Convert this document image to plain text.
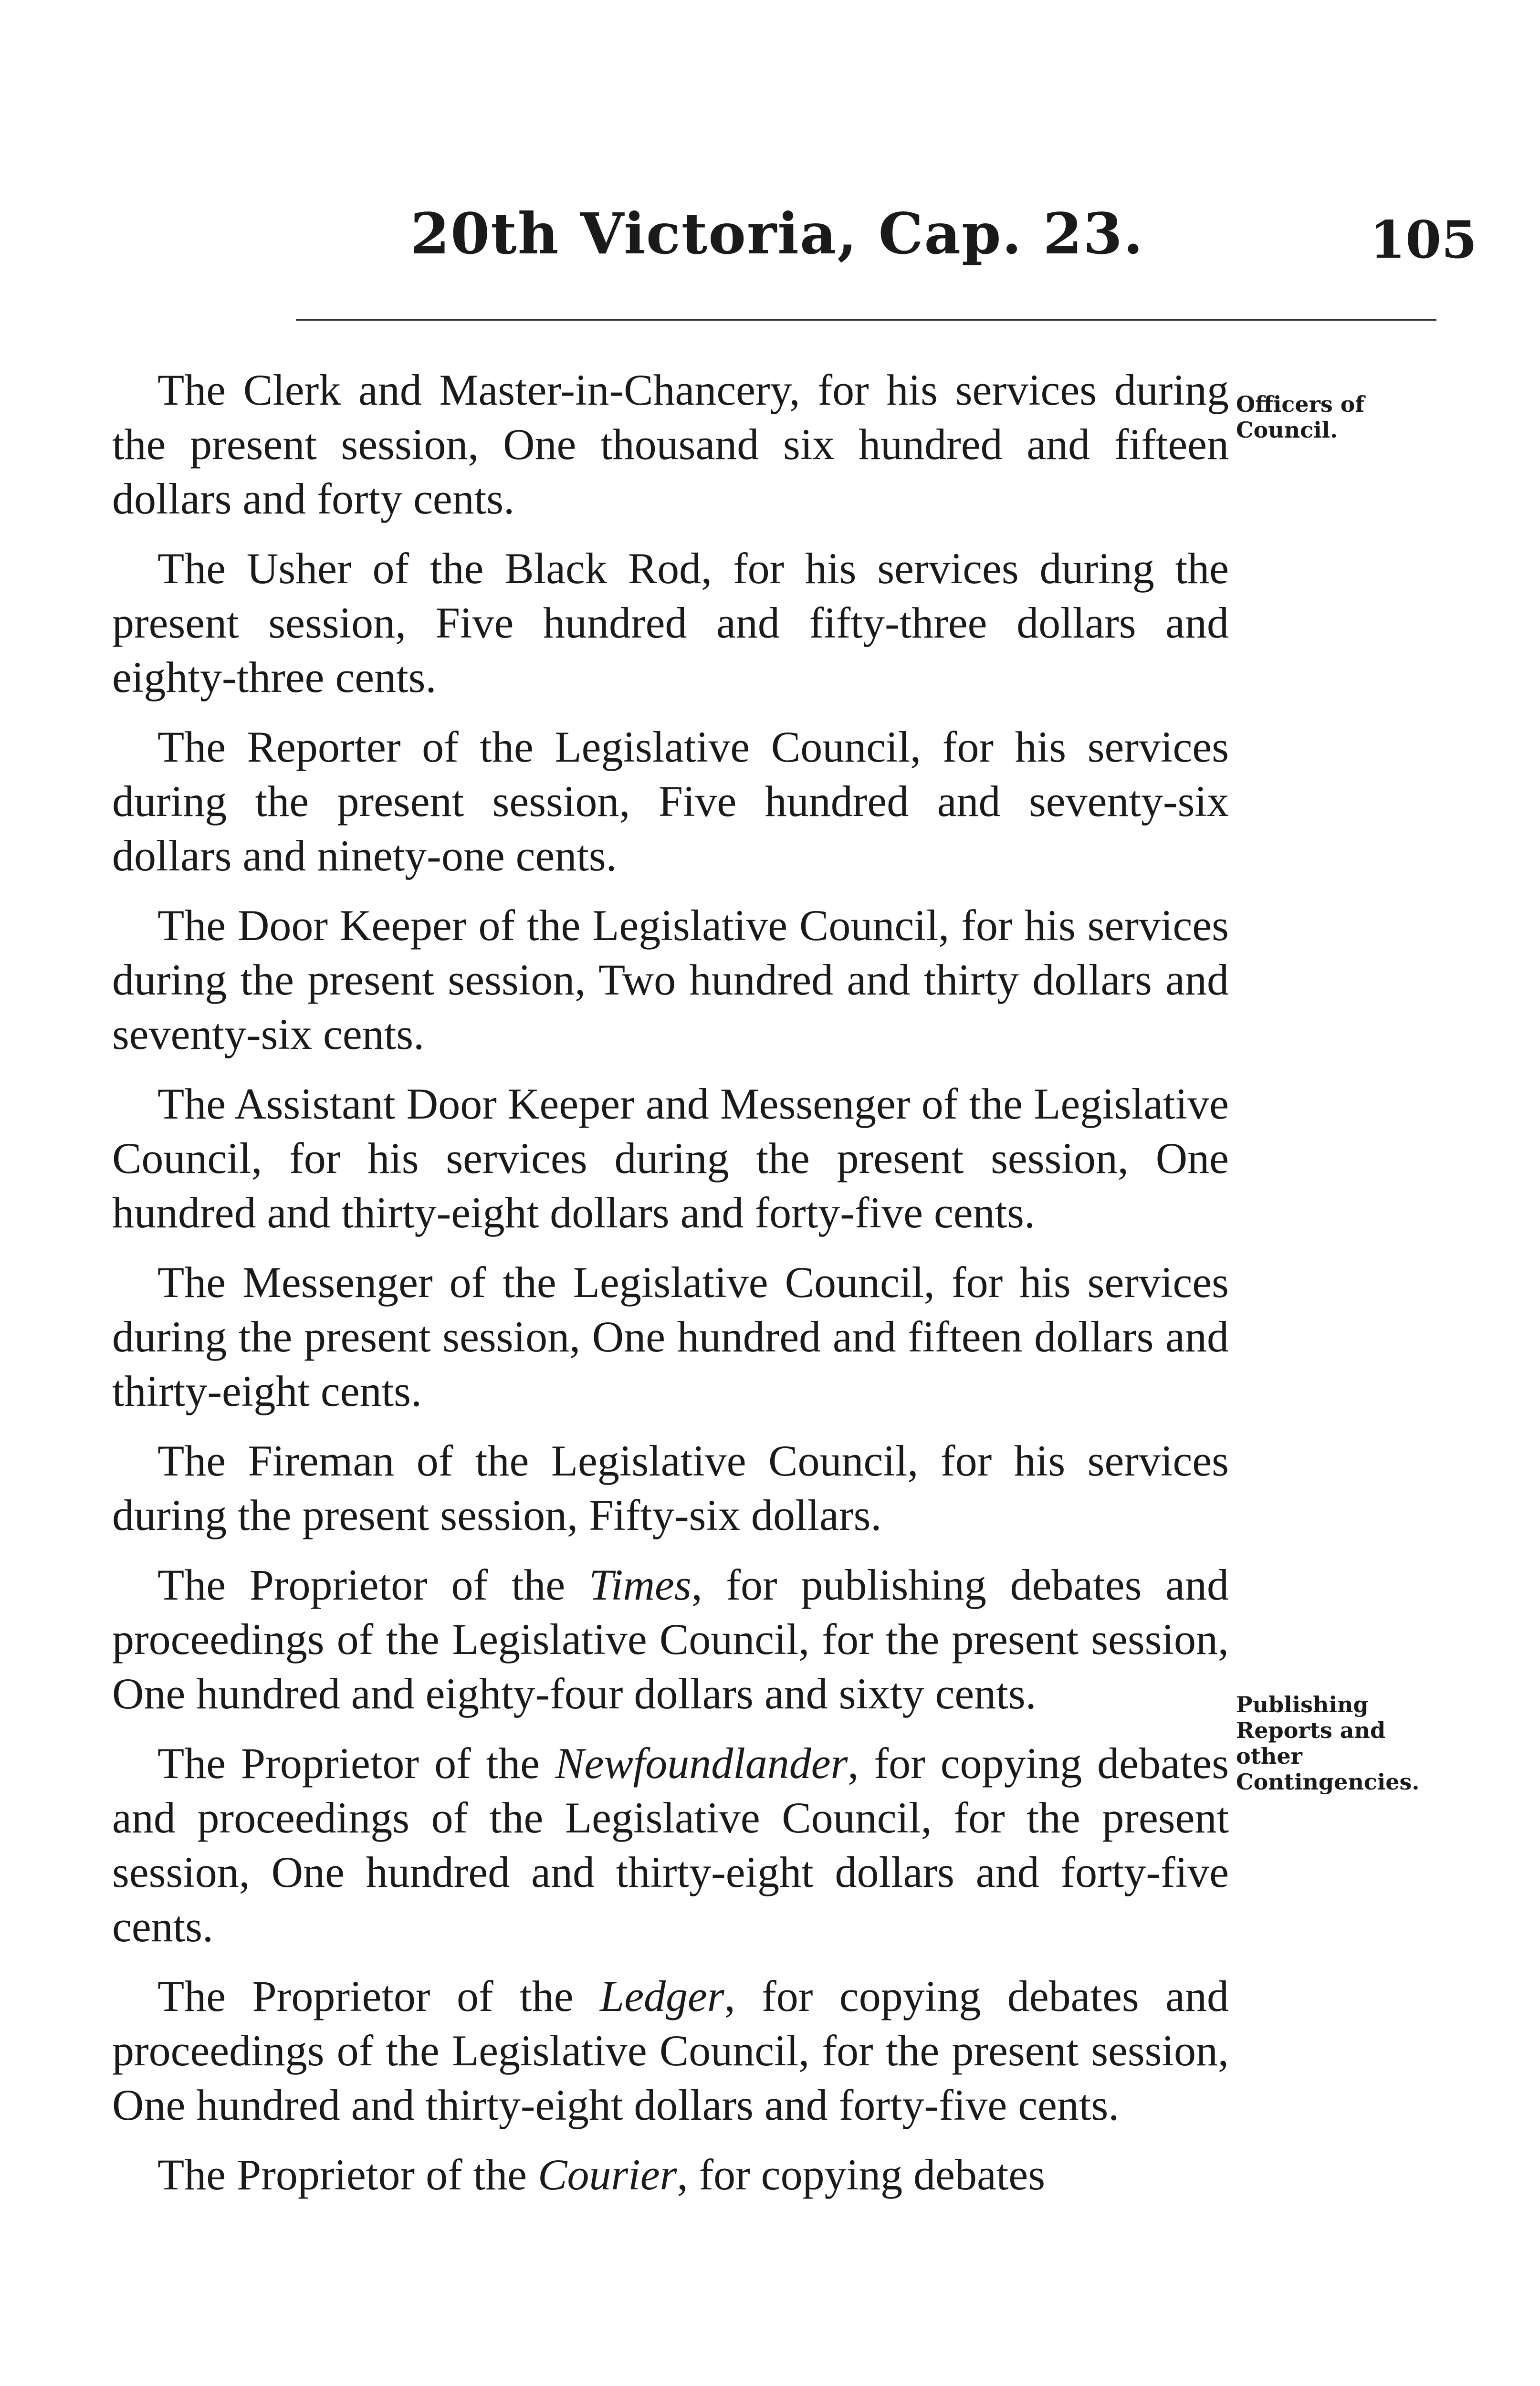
20th Victoria, Cap. 23.	105
Officers of Council.
Publishing Reports and other Contingencies.

The Clerk and Master-in-Chancery, for his services during the present session, One thousand six hundred and fifteen dollars and forty cents.

The Usher of the Black Rod, for his services during the present session, Five hundred and fifty-three dollars and eighty-three cents.

The Reporter of the Legislative Council, for his services during the present session, Five hundred and seventy-six dollars and ninety-one cents.

The Door Keeper of the Legislative Council, for his services during the present session, Two hundred and thirty dollars and seventy-six cents.

The Assistant Door Keeper and Messenger of the Legislative Council, for his services during the present session, One hundred and thirty-eight dollars and forty-five cents.

The Messenger of the Legislative Council, for his services during the present session, One hundred and fifteen dollars and thirty-eight cents.

The Fireman of the Legislative Council, for his services during the present session, Fifty-six dollars.

The Proprietor of the Times, for publishing debates and proceedings of the Legislative Council, for the present session, One hundred and eighty-four dollars and sixty cents.

The Proprietor of the Newfoundlander, for copying debates and proceedings of the Legislative Council, for the present session, One hundred and thirty-eight dollars and forty-five cents.

The Proprietor of the Ledger, for copying debates and proceedings of the Legislative Council, for the present session, One hundred and thirty-eight dollars and forty-five cents.

The Proprietor of the Courier, for copying debates
